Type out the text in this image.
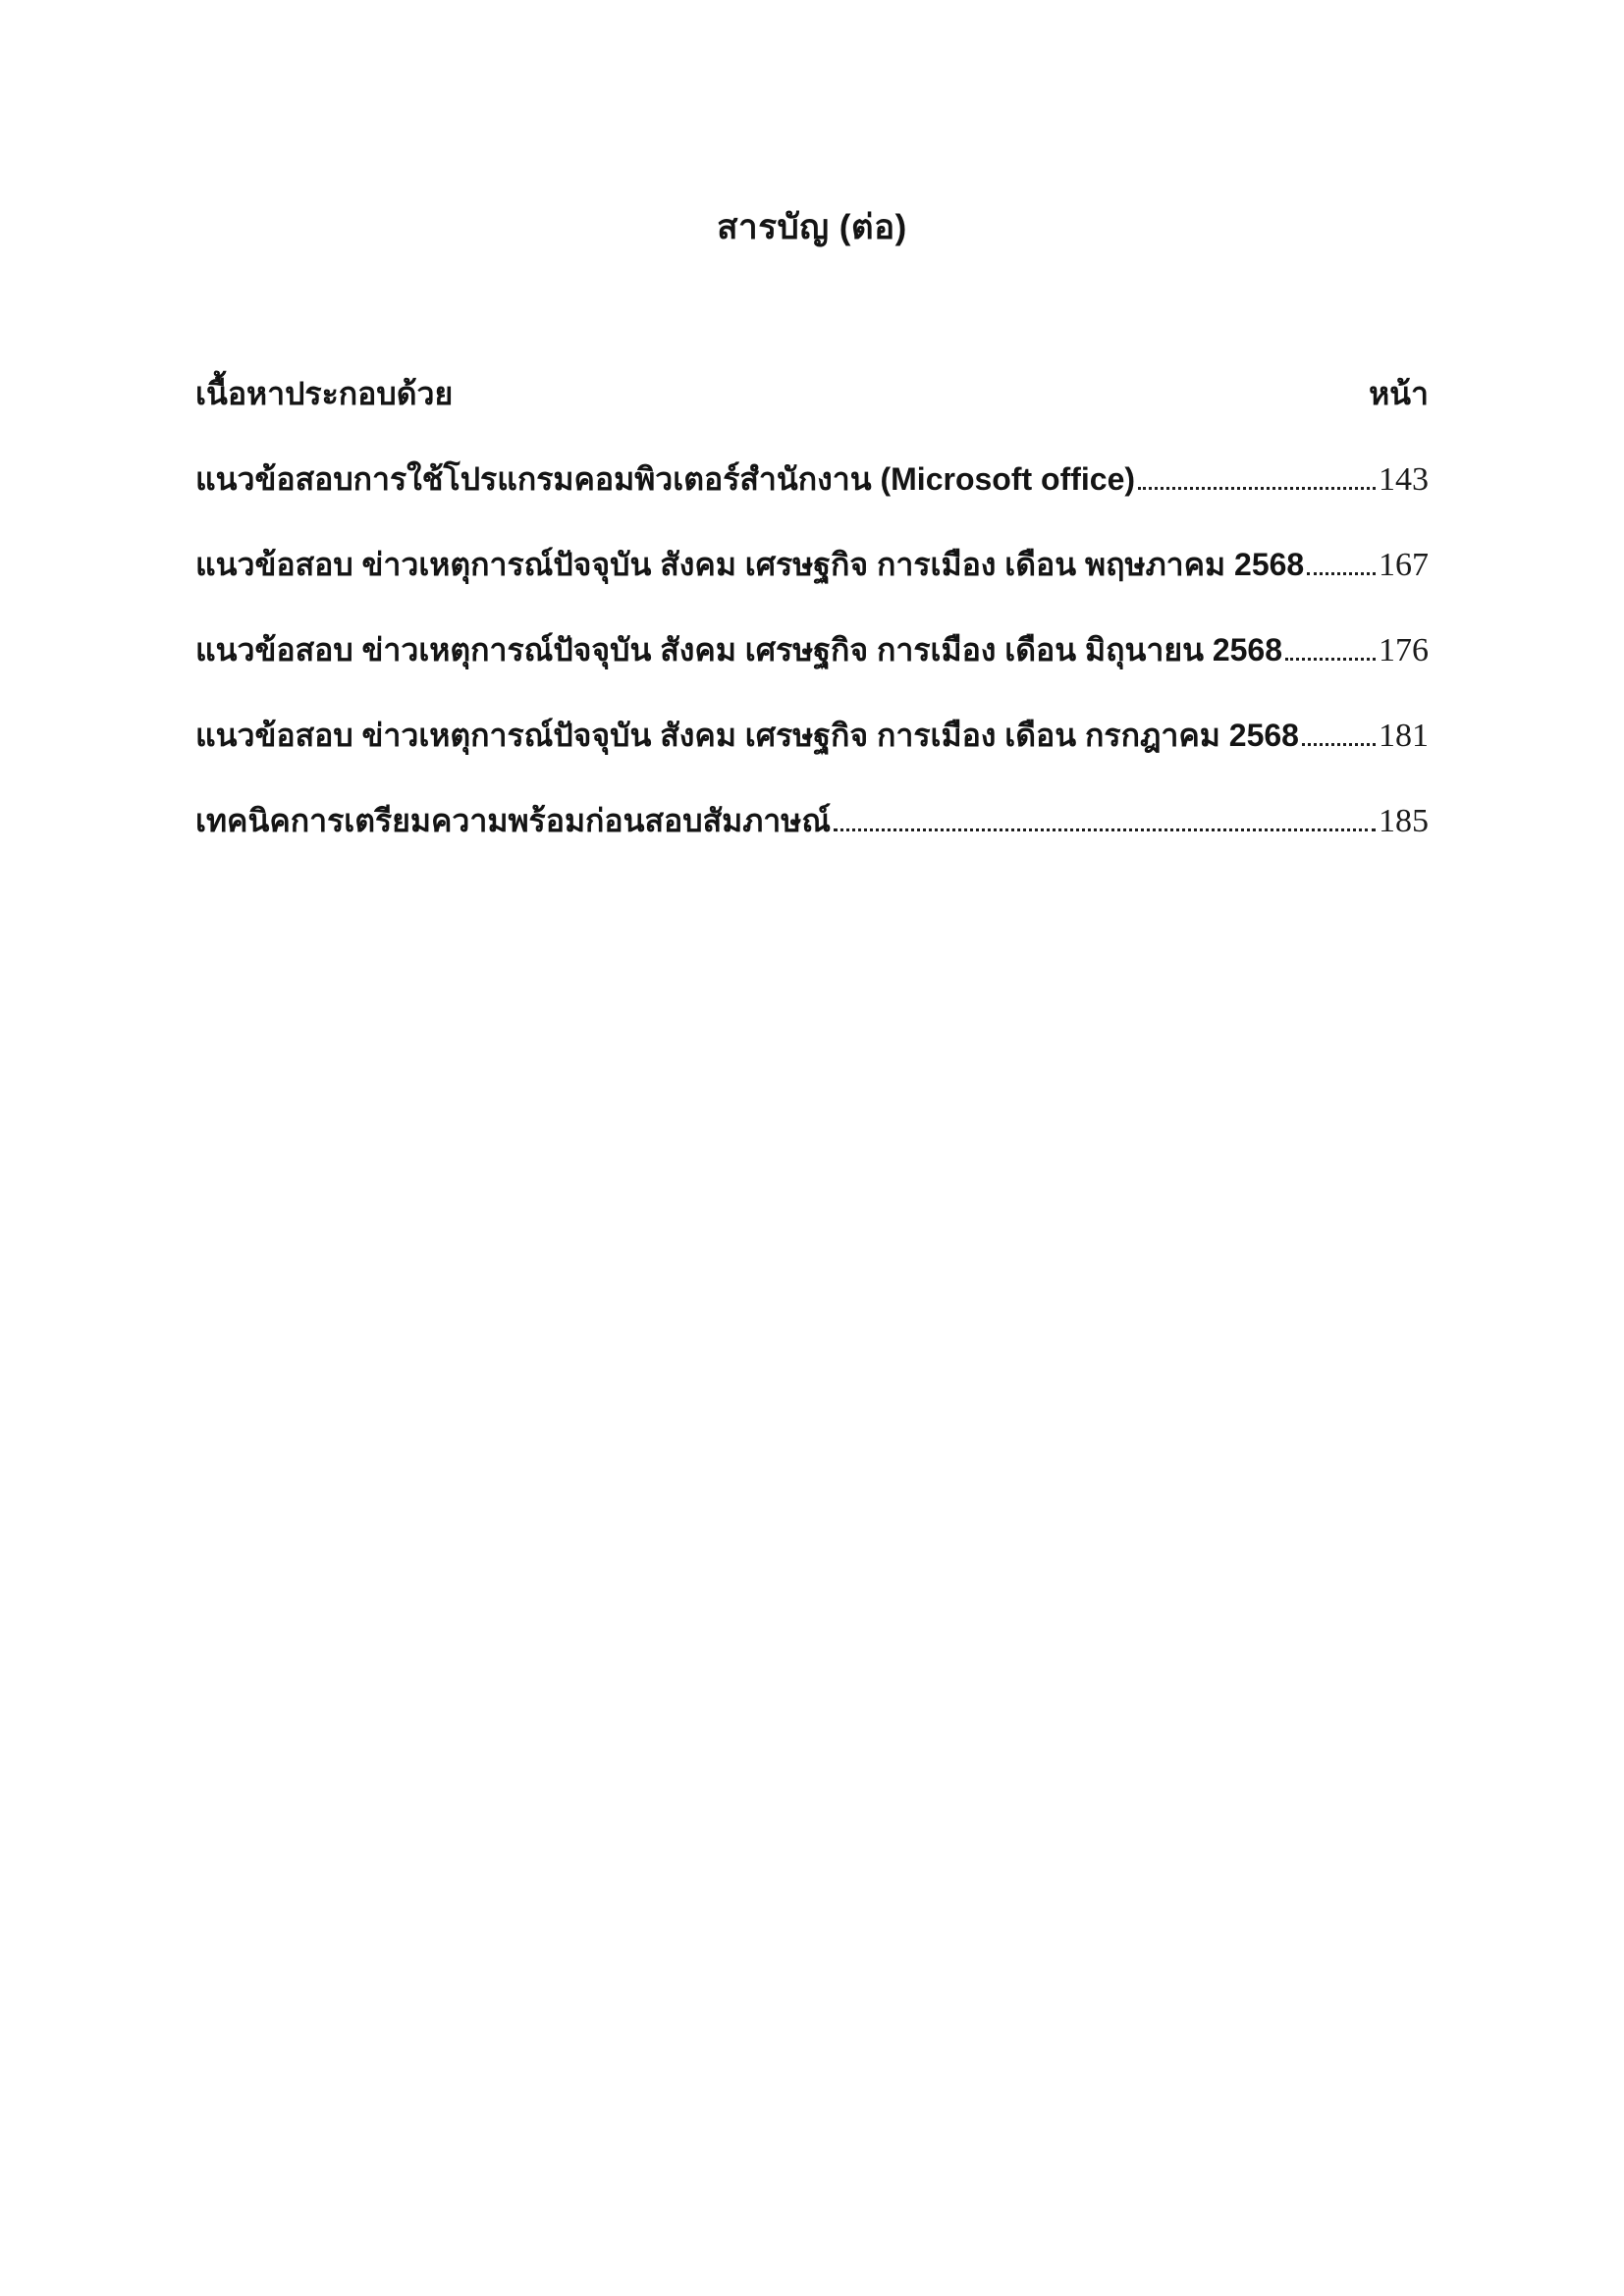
สารบัญ (ต่อ)
เนื้อหาประกอบด้วย	หน้า
แนวข้อสอบการใช้โปรแกรมคอมพิวเตอร์สำนักงาน (Microsoft office)	143
แนวข้อสอบ ข่าวเหตุการณ์ปัจจุบัน สังคม เศรษฐกิจ การเมือง เดือน พฤษภาคม 2568 167
แนวข้อสอบ ข่าวเหตุการณ์ปัจจุบัน สังคม เศรษฐกิจ การเมือง เดือน มิถุนายน 2568	176
แนวข้อสอบ ข่าวเหตุการณ์ปัจจุบัน สังคม เศรษฐกิจ การเมือง เดือน กรกฎาคม 2568 181
เทคนิคการเตรียมความพร้อมก่อนสอบสัมภาษณ์	185
